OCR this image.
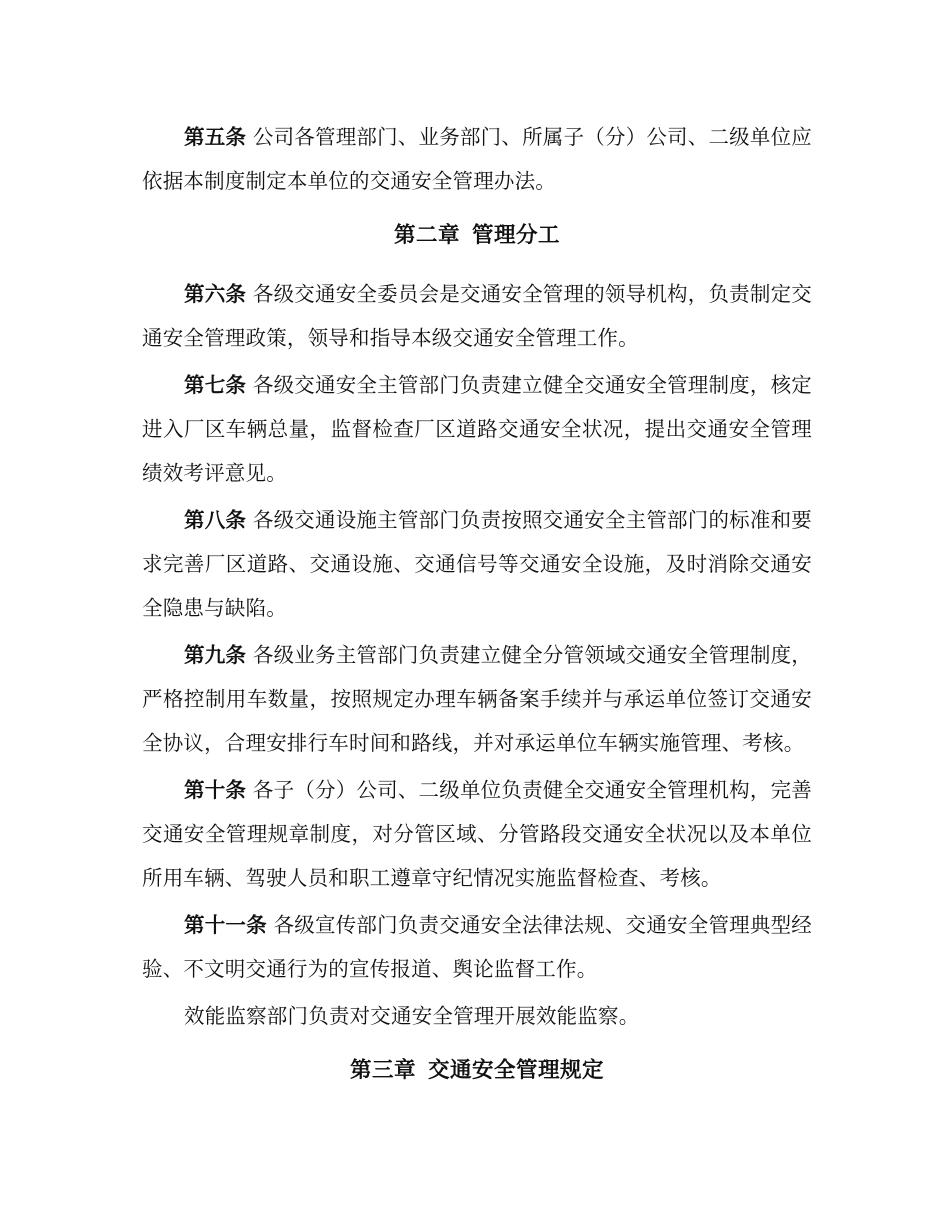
第五条 公司各管理部门、业务部门、所属子（分）公司、二级单位应依据本制度制定本单位的交通安全管理办法。

第二章 管理分工

第六条 各级交通安全委员会是交通安全管理的领导机构，负责制定交通安全管理政策，领导和指导本级交通安全管理工作。

第七条 各级交通安全主管部门负责建立健全交通安全管理制度，核定进入厂区车辆总量，监督检查厂区道路交通安全状况，提出交通安全管理绩效考评意见。

第八条 各级交通设施主管部门负责按照交通安全主管部门的标准和要求完善厂区道路、交通设施、交通信号等交通安全设施，及时消除交通安全隐患与缺陷。

第九条 各级业务主管部门负责建立健全分管领域交通安全管理制度，严格控制用车数量，按照规定办理车辆备案手续并与承运单位签订交通安全协议，合理安排行车时间和路线，并对承运单位车辆实施管理、考核。

第十条 各子（分）公司、二级单位负责健全交通安全管理机构，完善交通安全管理规章制度，对分管区域、分管路段交通安全状况以及本单位所用车辆、驾驶人员和职工遵章守纪情况实施监督检查、考核。

第十一条 各级宣传部门负责交通安全法律法规、交通安全管理典型经验、不文明交通行为的宣传报道、舆论监督工作。

效能监察部门负责对交通安全管理开展效能监察。

第三章 交通安全管理规定
